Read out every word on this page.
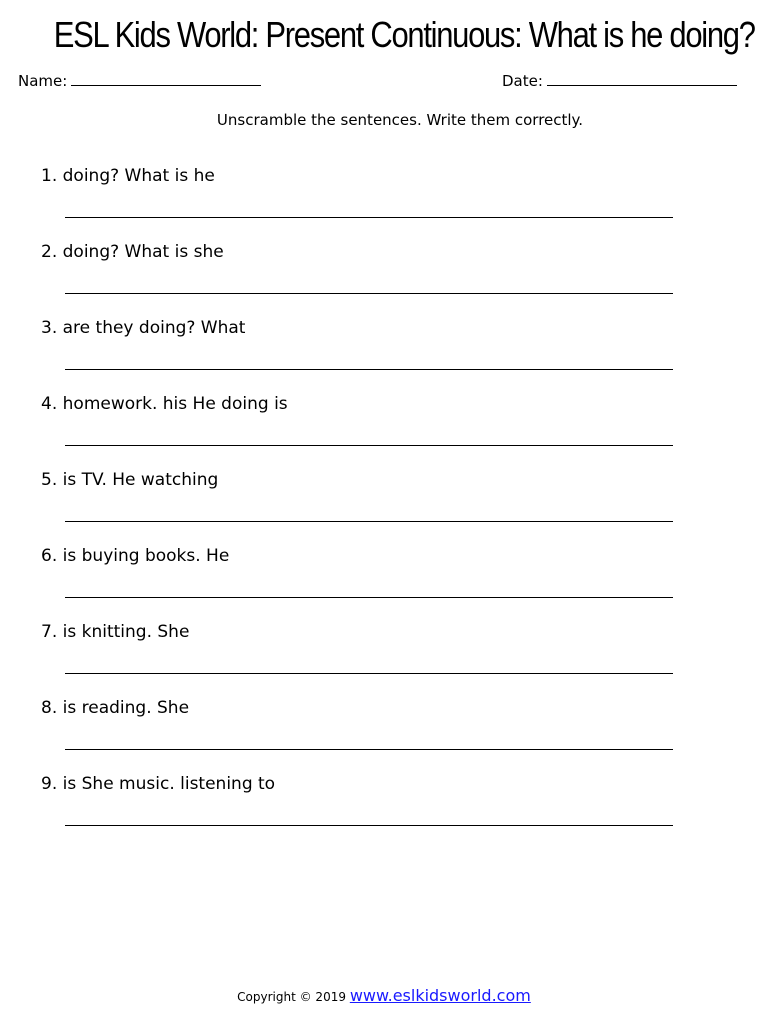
ESL Kids World: Present Continuous: What is he doing?
Name:	Date:
Unscramble the sentences. Write them correctly.
1. doing? What is he
2. doing? What is she
3. are they doing? What
4. homework. his He doing is
5. is TV. He watching
6. is buying books. He
7. is knitting. She
8. is reading. She
9. is She music. listening to
Copyright © 2019 www.eslkidsworld.com
